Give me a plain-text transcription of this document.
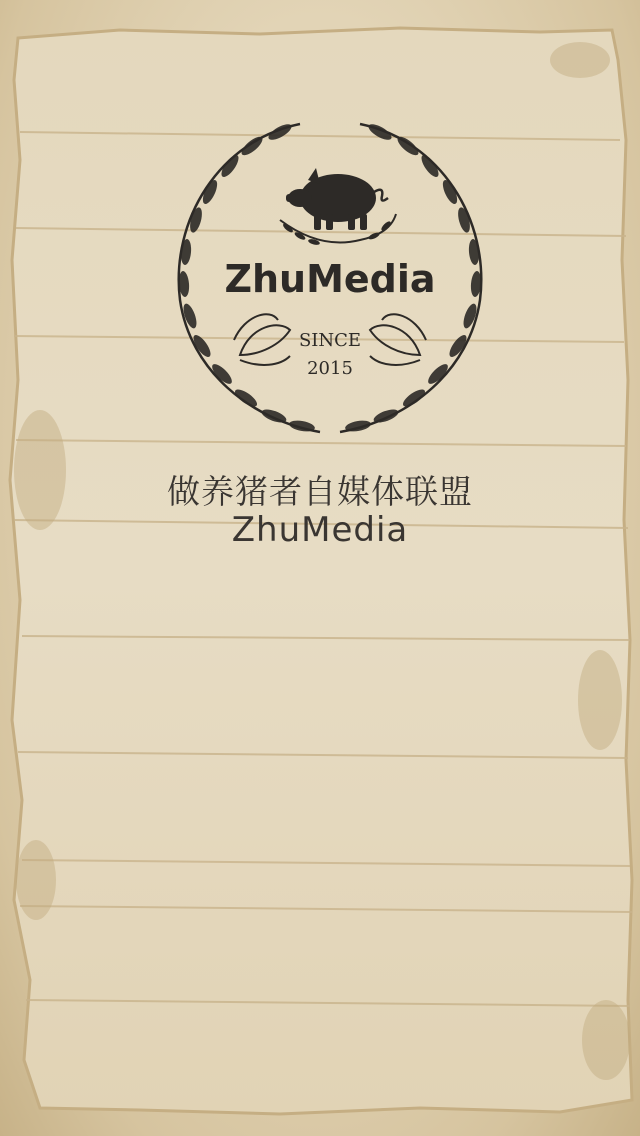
ZhuMedia
SINCE
2015

做养猪者自媒体联盟

ZhuMedia
